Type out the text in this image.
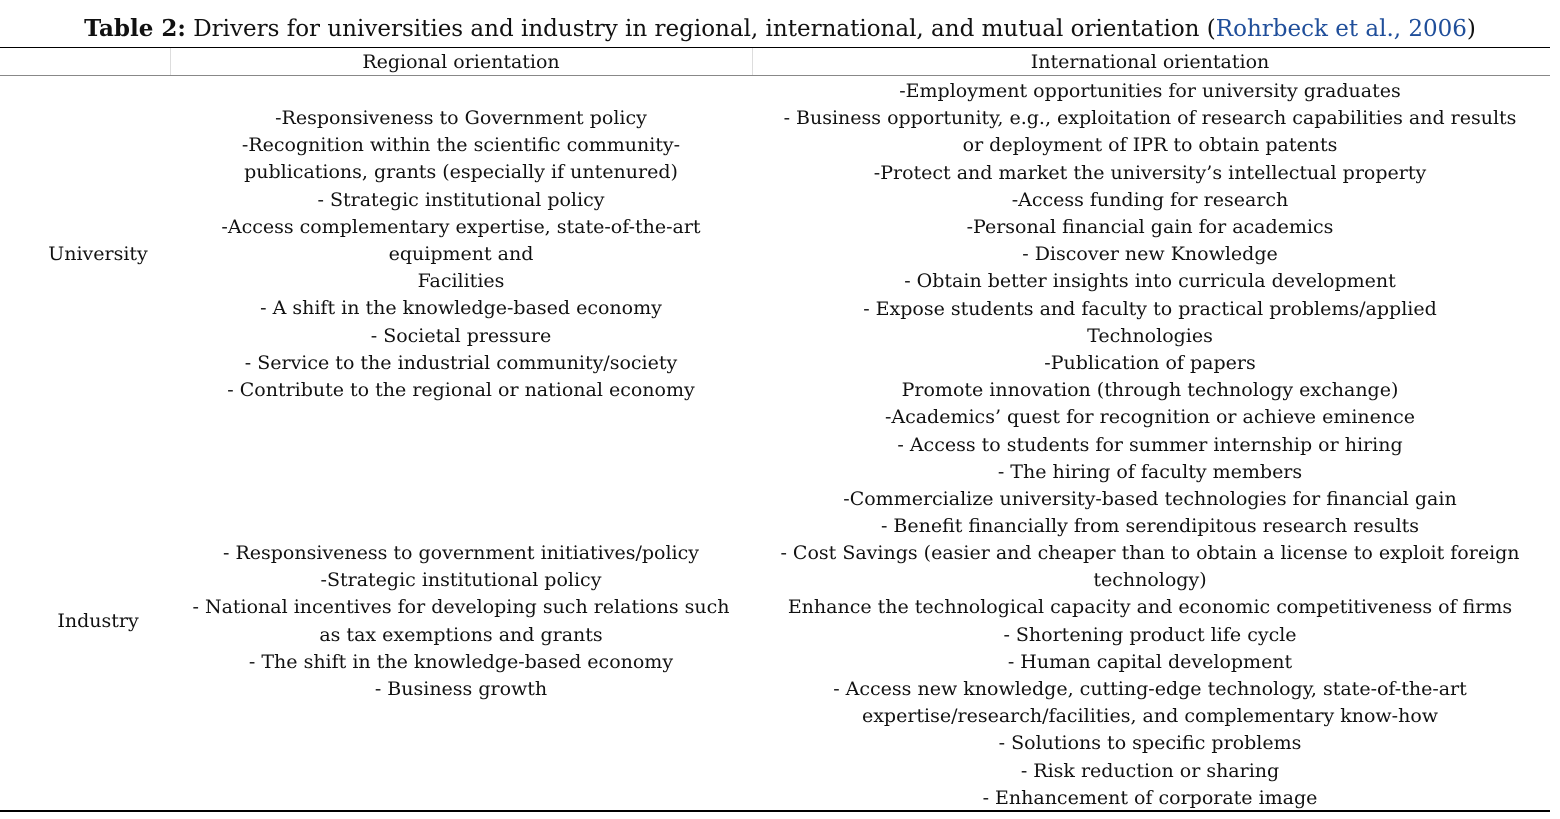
Table 2: Drivers for universities and industry in regional, international, and mutual orientation (Rohrbeck et al., 2006)
Regional orientation	International orientation
University
-Responsiveness to Government policy
-Recognition within the scientific community-
publications, grants (especially if untenured)
- Strategic institutional policy
-Access complementary expertise, state-of-the-art
equipment and
Facilities
- A shift in the knowledge-based economy
- Societal pressure
- Service to the industrial community/society
- Contribute to the regional or national economy
-Employment opportunities for university graduates
- Business opportunity, e.g., exploitation of research capabilities and results
or deployment of IPR to obtain patents
-Protect and market the university’s intellectual property
-Access funding for research
-Personal financial gain for academics
- Discover new Knowledge
- Obtain better insights into curricula development
- Expose students and faculty to practical problems/applied
Technologies
-Publication of papers
Promote innovation (through technology exchange)
-Academics’ quest for recognition or achieve eminence
- Access to students for summer internship or hiring
- The hiring of faculty members
-Commercialize university-based technologies for financial gain
- Benefit financially from serendipitous research results
Industry
- Responsiveness to government initiatives/policy
-Strategic institutional policy
- National incentives for developing such relations such
as tax exemptions and grants
- The shift in the knowledge-based economy
- Business growth
- Cost Savings (easier and cheaper than to obtain a license to exploit foreign
technology)
Enhance the technological capacity and economic competitiveness of firms
- Shortening product life cycle
- Human capital development
- Access new knowledge, cutting-edge technology, state-of-the-art
expertise/research/facilities, and complementary know-how
- Solutions to specific problems
- Risk reduction or sharing
- Enhancement of corporate image
